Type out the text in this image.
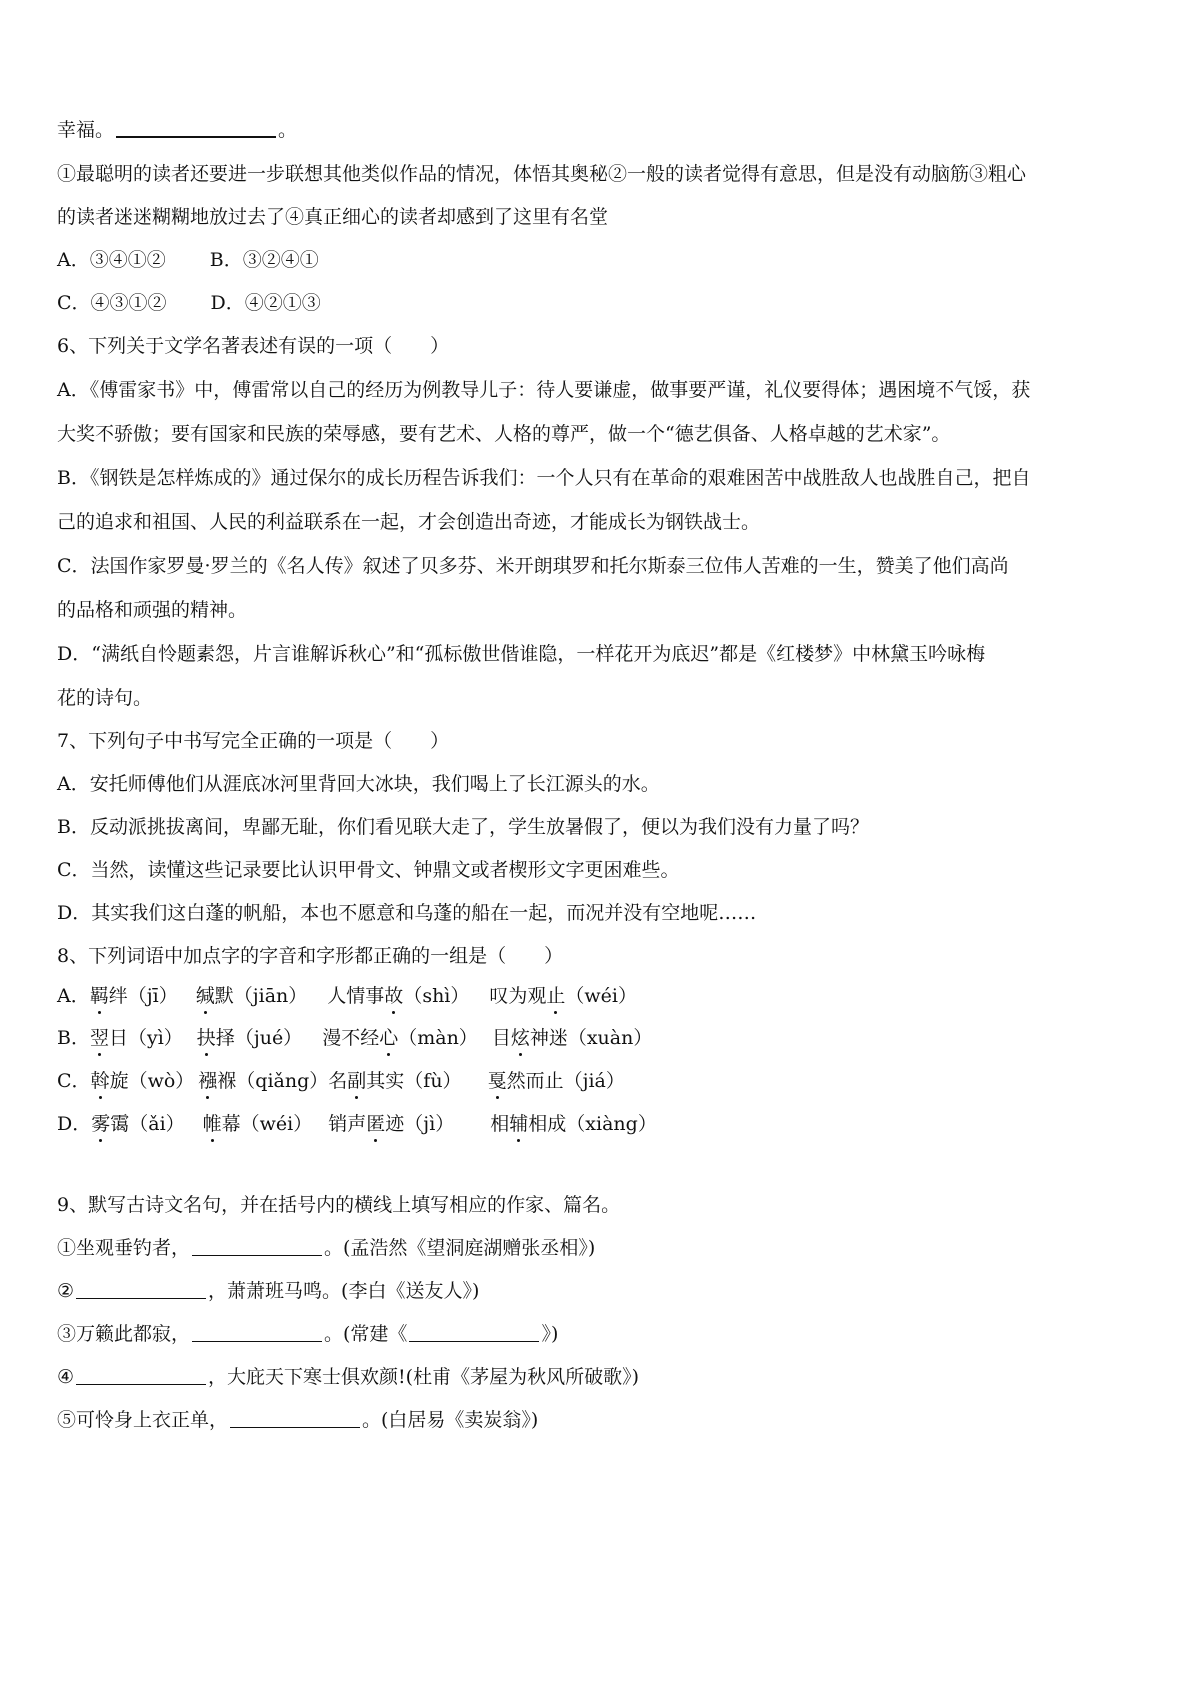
幸福。	。
①最聪明的读者还要进一步联想其他类似作品的情况，体悟其奥秘②一般的读者觉得有意思，但是没有动脑筋③粗心
的读者迷迷糊糊地放过去了④真正细心的读者却感到了这里有名堂
A．③④①② B．③②④①
C．④③①② D．④②①③
6、下列关于文学名著表述有误的一项（　　）
A．《傅雷家书》中，傅雷常以自己的经历为例教导儿子：待人要谦虚，做事要严谨，礼仪要得体；遇困境不气馁，获
大奖不骄傲；要有国家和民族的荣辱感，要有艺术、人格的尊严，做一个“德艺俱备、人格卓越的艺术家”。
B．《钢铁是怎样炼成的》通过保尔的成长历程告诉我们：一个人只有在革命的艰难困苦中战胜敌人也战胜自己，把自
己的追求和祖国、人民的利益联系在一起，才会创造出奇迹，才能成长为钢铁战士。
C．法国作家罗曼·罗兰的《名人传》叙述了贝多芬、米开朗琪罗和托尔斯泰三位伟人苦难的一生，赞美了他们高尚
的品格和顽强的精神。
D．“满纸自怜题素怨，片言谁解诉秋心”和“孤标傲世偕谁隐，一样花开为底迟”都是《红楼梦》中林黛玉吟咏梅
花的诗句。
7、下列句子中书写完全正确的一项是（　　）
A．安托师傅他们从涯底冰河里背回大冰块，我们喝上了长江源头的水。
B．反动派挑拔离间，卑鄙无耻，你们看见联大走了，学生放暑假了，便以为我们没有力量了吗？
C．当然，读懂这些记录要比认识甲骨文、钟鼎文或者楔形文字更困难些。
D．其实我们这白蓬的帆船，本也不愿意和乌蓬的船在一起，而况并没有空地呢……
8、下列词语中加点字的字音和字形都正确的一组是（　　）
A．羁绊（jī） 缄默（jiān） 人情事故（shì） 叹为观止（wéi）
B．翌日（yì） 抉择（jué） 漫不经心（màn） 目炫神迷（xuàn）
C．斡旋（wò） 襁褓（qiǎng）名副其实（fù） 戛然而止（jiá）
D．雾霭（ǎi） 帷幕（wéi） 销声匿迹（jì） 相辅相成（xiàng）
9、默写古诗文名句，并在括号内的横线上填写相应的作家、篇名。
①坐观垂钓者，	。(孟浩然《望洞庭湖赠张丞相》)
②	，萧萧班马鸣。(李白《送友人》)
③万籁此都寂，	。(常建《	》)
④	，大庇天下寒士俱欢颜!(杜甫《茅屋为秋风所破歌》)
⑤可怜身上衣正单，	。(白居易《卖炭翁》)
